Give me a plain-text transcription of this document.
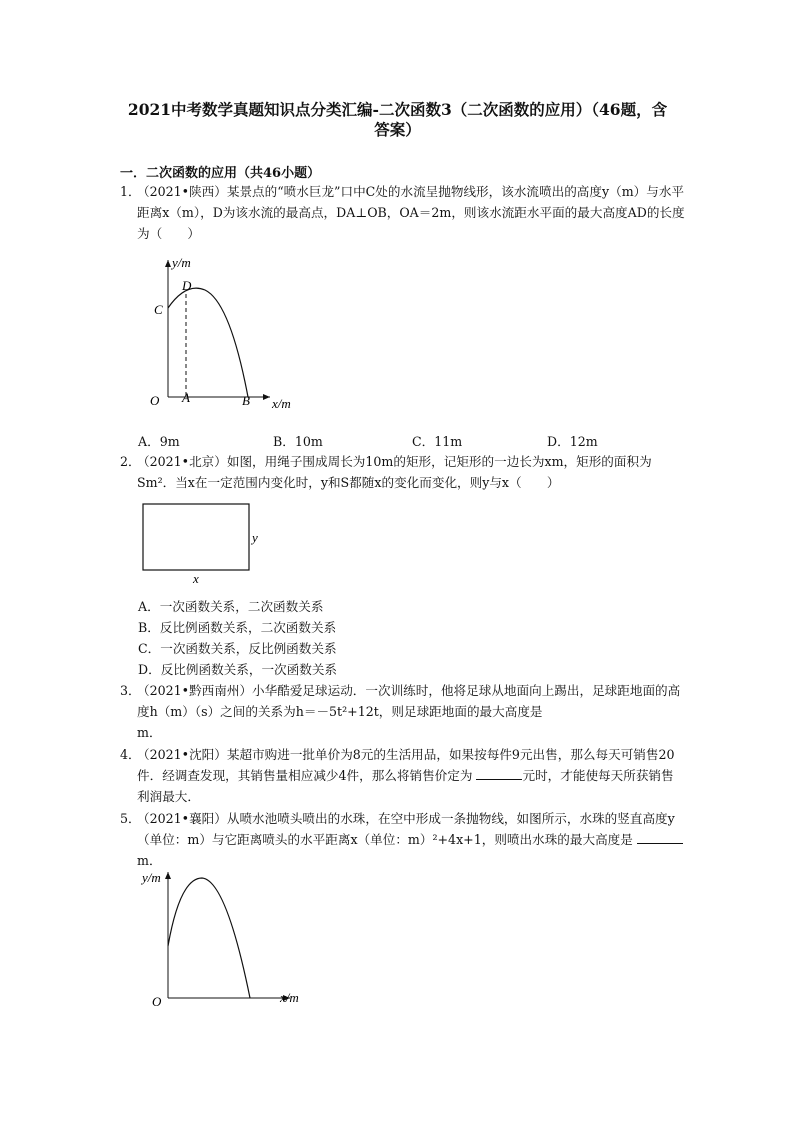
2021中考数学真题知识点分类汇编-二次函数3（二次函数的应用）（46题，含
答案）
一．二次函数的应用（共46小题）
1．
（2021•陕西）某景点的“喷水巨龙”口中C处的水流呈抛物线形，该水流喷出的高度y（m）与水平距离x（m），D为该水流的最高点，DA⊥OB，OA＝2m，则该水流距水平面的最大高度AD的长度为（　　）
y/m
x/m
O A	B
C
D
A．9m	B．10m	C．11m	D．12m
2．
（2021•北京）如图，用绳子围成周长为10m的矩形，记矩形的一边长为xm，矩形的面积为Sm²．当x在一定范围内变化时，y和S都随x的变化而变化，则y与x（　　）
y
x
A．一次函数关系，二次函数关系
B．反比例函数关系，二次函数关系
C．一次函数关系，反比例函数关系
D．反比例函数关系，一次函数关系
3．
（2021•黔西南州）小华酷爱足球运动．一次训练时，他将足球从地面向上踢出，足球距地面的高度h（m）（s）之间的关系为h＝－5t²+12t，则足球距地面的最大高度是
m．
4．
（2021•沈阳）某超市购进一批单价为8元的生活用品，如果按每件9元出售，那么每天可销售20件．经调查发现，其销售量相应减少4件，那么将销售价定为	元时，才能使每天所获销售利润最大．
5．
（2021•襄阳）从喷水池喷头喷出的水珠，在空中形成一条抛物线，如图所示，水珠的竖直高度y（单位：m）与它距离喷头的水平距离x（单位：m）²+4x+1，则喷出水珠的最大高度是 m．
y/m
x/m
O
